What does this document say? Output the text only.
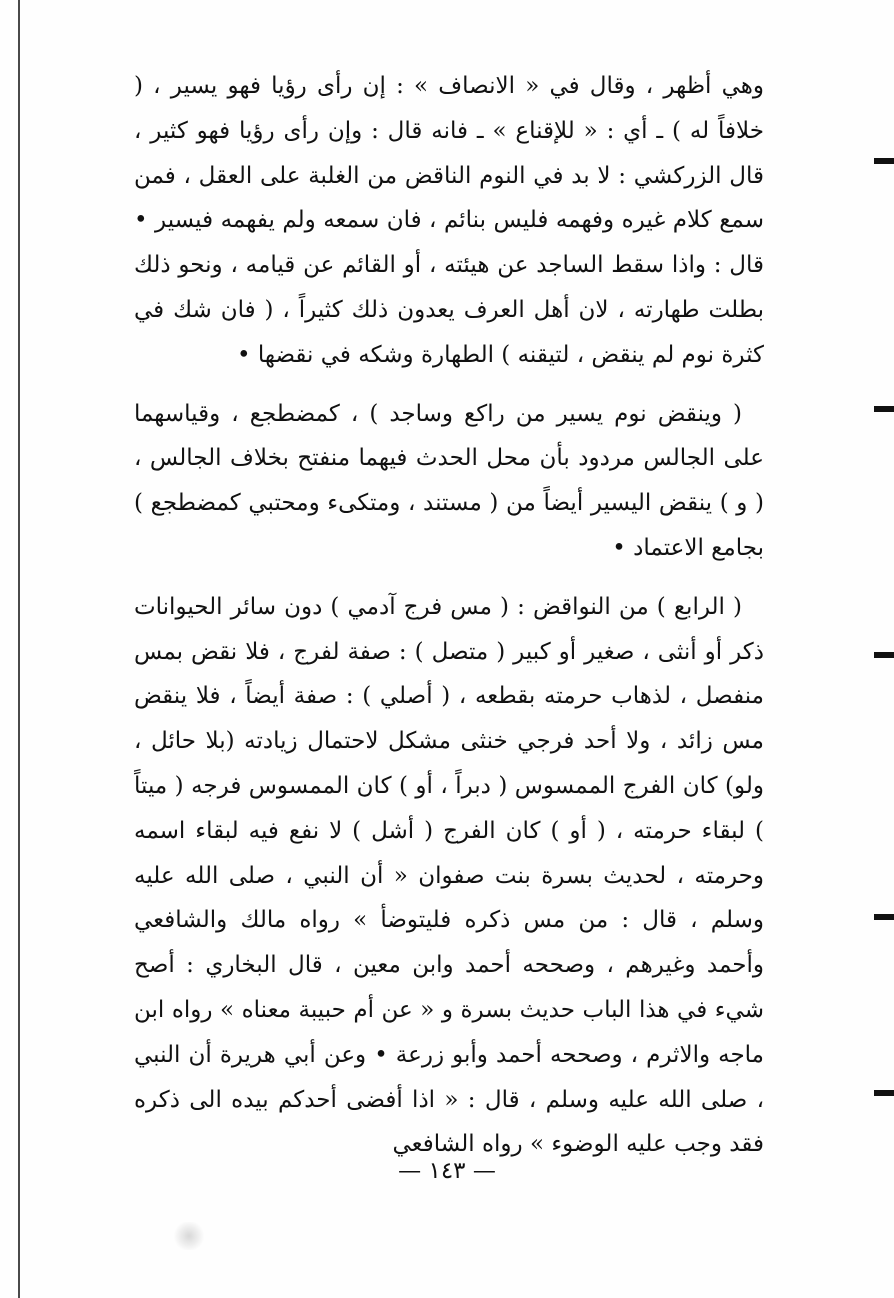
وهي أظهر ، وقال في « الانصاف » : إن رأى رؤيا فهو يسير ، ( خلافاً له ) ـ أي : « للإقناع » ـ فانه قال : وإن رأى رؤيا فهو كثير ، قال الزركشي : لا بد في النوم الناقض من الغلبة على العقل ، فمن سمع كلام غيره وفهمه فليس بنائم ، فان سمعه ولم يفهمه فيسير • قال : واذا سقط الساجد عن هيئته ، أو القائم عن قيامه ، ونحو ذلك بطلت طهارته ، لان أهل العرف يعدون ذلك كثيراً ، ( فان شك في كثرة نوم لم ينقض ، لتيقنه ) الطهارة وشكه في نقضها •

( وينقض نوم يسير من راكع وساجد ) ، كمضطجع ، وقياسهما على الجالس مردود بأن محل الحدث فيهما منفتح بخلاف الجالس ، ( و ) ينقض اليسير أيضاً من ( مستند ، ومتكىء ومحتبي كمضطجع ) بجامع الاعتماد •

( الرابع ) من النواقض : ( مس فرج آدمي ) دون سائر الحيوانات ذكر أو أنثى ، صغير أو كبير ( متصل ) : صفة لفرج ، فلا نقض بمس منفصل ، لذهاب حرمته بقطعه ، ( أصلي ) : صفة أيضاً ، فلا ينقض مس زائد ، ولا أحد فرجي خنثى مشكل لاحتمال زيادته (بلا حائل ، ولو) كان الفرج الممسوس ( دبراً ، أو ) كان الممسوس فرجه ( ميتاً ) لبقاء حرمته ، ( أو ) كان الفرج ( أشل ) لا نفع فيه لبقاء اسمه وحرمته ، لحديث بسرة بنت صفوان « أن النبي ، صلى الله عليه وسلم ، قال : من مس ذكره فليتوضأ » رواه مالك والشافعي وأحمد وغيرهم ، وصححه أحمد وابن معين ، قال البخاري : أصح شيء في هذا الباب حديث بسرة و « عن أم حبيبة معناه » رواه ابن ماجه والاثرم ، وصححه أحمد وأبو زرعة • وعن أبي هريرة أن النبي ، صلى الله عليه وسلم ، قال : « اذا أفضى أحدكم بيده الى ذكره فقد وجب عليه الوضوء » رواه الشافعي

— ١٤٣ —
